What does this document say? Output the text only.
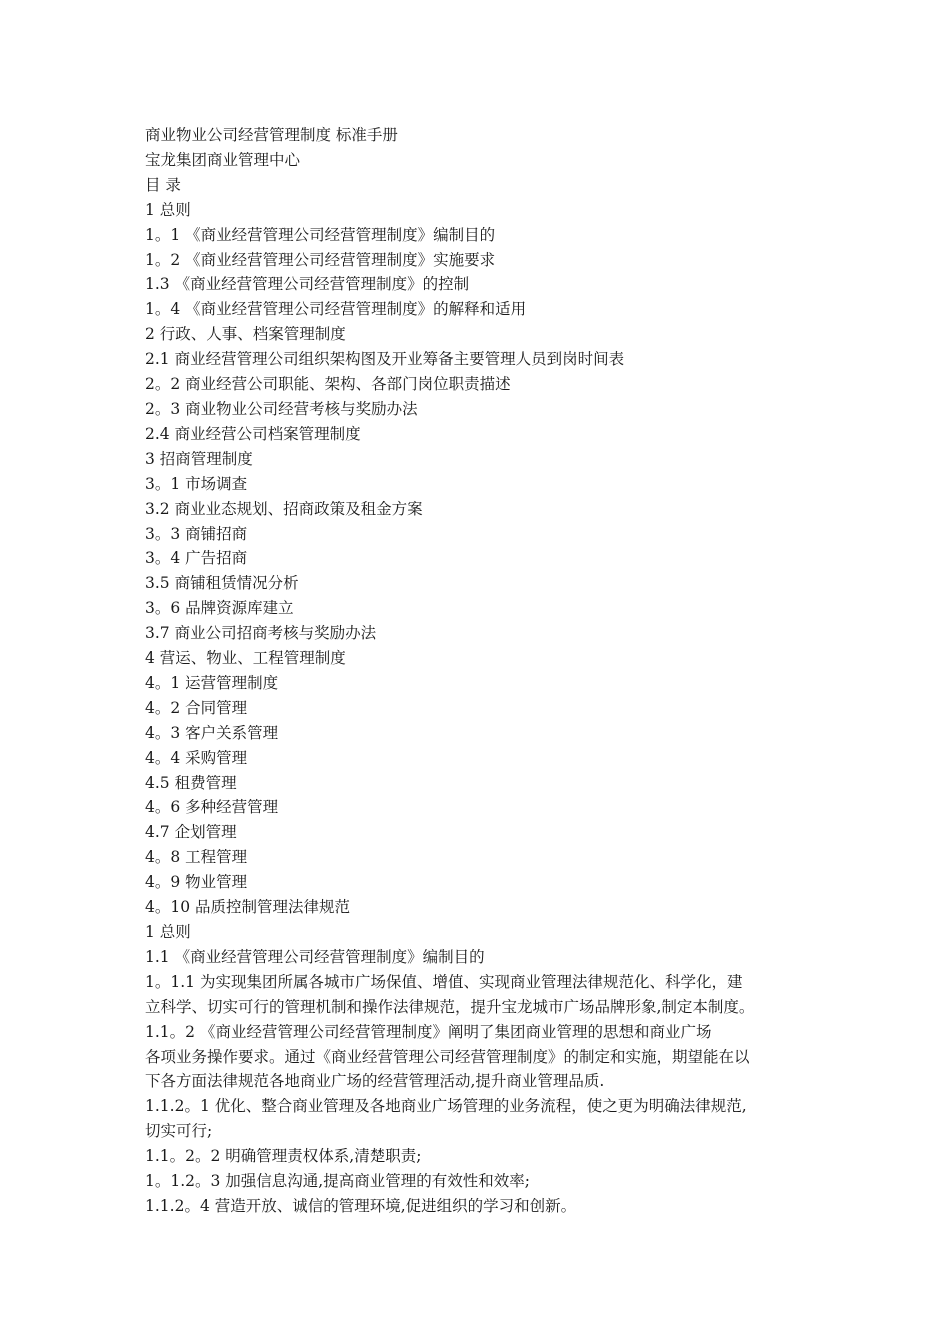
商业物业公司经营管理制度 标准手册

宝龙集团商业管理中心

目 录

1 总则

1。1 《商业经营管理公司经营管理制度》编制目的

1。2 《商业经营管理公司经营管理制度》实施要求

1.3 《商业经营管理公司经营管理制度》的控制

1。4 《商业经营管理公司经营管理制度》的解释和适用

2 行政、人事、档案管理制度

2.1 商业经营管理公司组织架构图及开业筹备主要管理人员到岗时间表

2。2 商业经营公司职能、架构、各部门岗位职责描述

2。3 商业物业公司经营考核与奖励办法

2.4 商业经营公司档案管理制度

3 招商管理制度

3。1 市场调查

3.2 商业业态规划、招商政策及租金方案

3。3 商铺招商

3。4 广告招商

3.5 商铺租赁情况分析

3。6 品牌资源库建立

3.7 商业公司招商考核与奖励办法

4 营运、物业、工程管理制度

4。1 运营管理制度

4。2 合同管理

4。3 客户关系管理

4。4 采购管理

4.5 租费管理

4。6 多种经营管理

4.7 企划管理

4。8 工程管理

4。9 物业管理

4。10 品质控制管理法律规范

1 总则

1.1 《商业经营管理公司经营管理制度》编制目的

1。1.1 为实现集团所属各城市广场保值、增值、实现商业管理法律规范化、科学化，建

立科学、切实可行的管理机制和操作法律规范，提升宝龙城市广场品牌形象,制定本制度。

1.1。2 《商业经营管理公司经营管理制度》阐明了集团商业管理的思想和商业广场

各项业务操作要求。通过《商业经营管理公司经营管理制度》的制定和实施，期望能在以

下各方面法律规范各地商业广场的经营管理活动,提升商业管理品质.

1.1.2。1 优化、整合商业管理及各地商业广场管理的业务流程，使之更为明确法律规范,

切实可行;

1.1。2。2 明确管理责权体系,清楚职责;

1。1.2。3 加强信息沟通,提高商业管理的有效性和效率;

1.1.2。4 营造开放、诚信的管理环境,促进组织的学习和创新。
